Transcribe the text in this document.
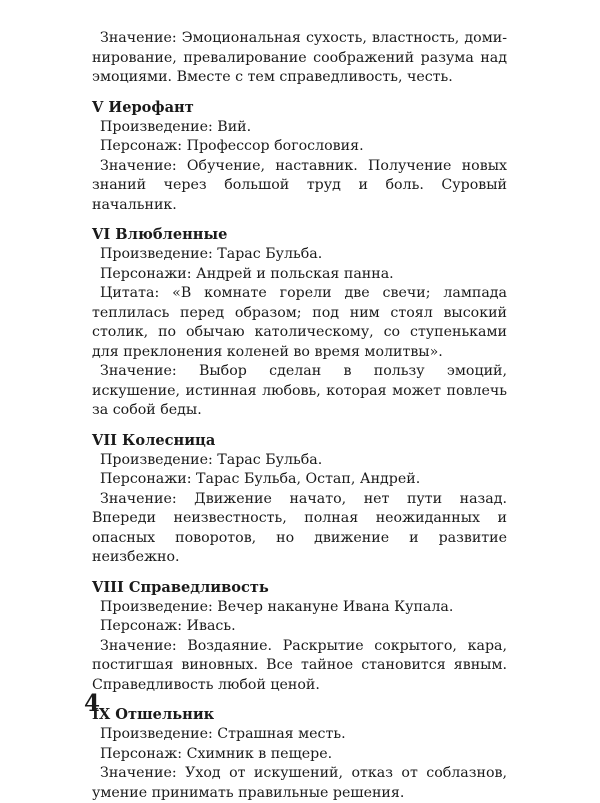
Значение: Эмоциональная сухость, властность, доминирование, превалирование соображений разума над эмоциями. Вместе с тем справедливость, честь.

V Иерофант

Произведение: Вий.

Персонаж: Профессор богословия.

Значение: Обучение, наставник. Получение новых знаний через большой труд и боль. Суровый начальник.

VI Влюбленные

Произведение: Тарас Бульба.

Персонажи: Андрей и польская панна.

Цитата: «В комнате горели две свечи; лампада теплилась перед образом; под ним стоял высокий столик, по обычаю католическому, со ступеньками для преклонения коленей во время молитвы».

Значение: Выбор сделан в пользу эмоций, искушение, истинная любовь, которая может повлечь за собой беды.

VII Колесница

Произведение: Тарас Бульба.

Персонажи: Тарас Бульба, Остап, Андрей.

Значение: Движение начато, нет пути назад. Впереди неизвестность, полная неожиданных и опасных поворотов, но движение и развитие неизбежно.

VIII Справедливость

Произведение: Вечер накануне Ивана Купала.

Персонаж: Ивась.

Значение: Воздаяние. Раскрытие сокрытого, кара, постигшая виновных. Все тайное становится явным. Справедливость любой ценой.

IX Отшельник

Произведение: Страшная месть.

Персонаж: Схимник в пещере.

Значение: Уход от искушений, отказ от соблазнов, умение принимать правильные решения.

4
